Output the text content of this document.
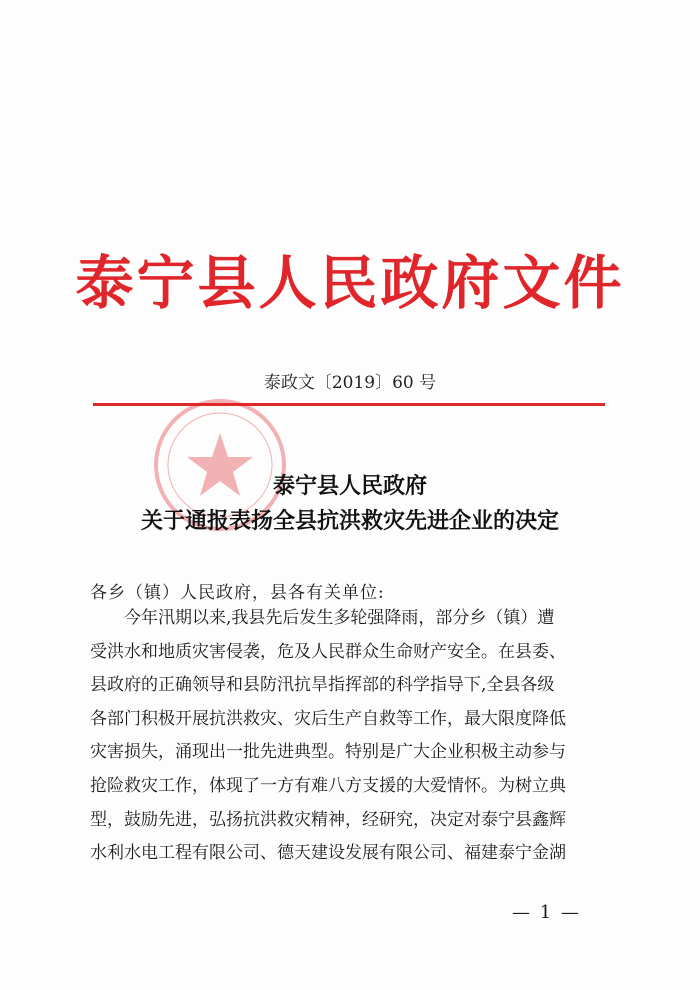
泰宁县人民政府文件
泰政文〔2019〕60 号
泰宁县人民政府
关于通报表扬全县抗洪救灾先进企业的决定
各乡（镇）人民政府，县各有关单位:
　　今年汛期以来,我县先后发生多轮强降雨，部分乡（镇）遭
受洪水和地质灾害侵袭，危及人民群众生命财产安全。在县委、
县政府的正确领导和县防汛抗旱指挥部的科学指导下,全县各级
各部门积极开展抗洪救灾、灾后生产自救等工作，最大限度降低
灾害损失，涌现出一批先进典型。特别是广大企业积极主动参与
抢险救灾工作，体现了一方有难八方支援的大爱情怀。为树立典
型，鼓励先进，弘扬抗洪救灾精神，经研究，决定对泰宁县鑫辉
水利水电工程有限公司、德天建设发展有限公司、福建泰宁金湖
— 1 —
